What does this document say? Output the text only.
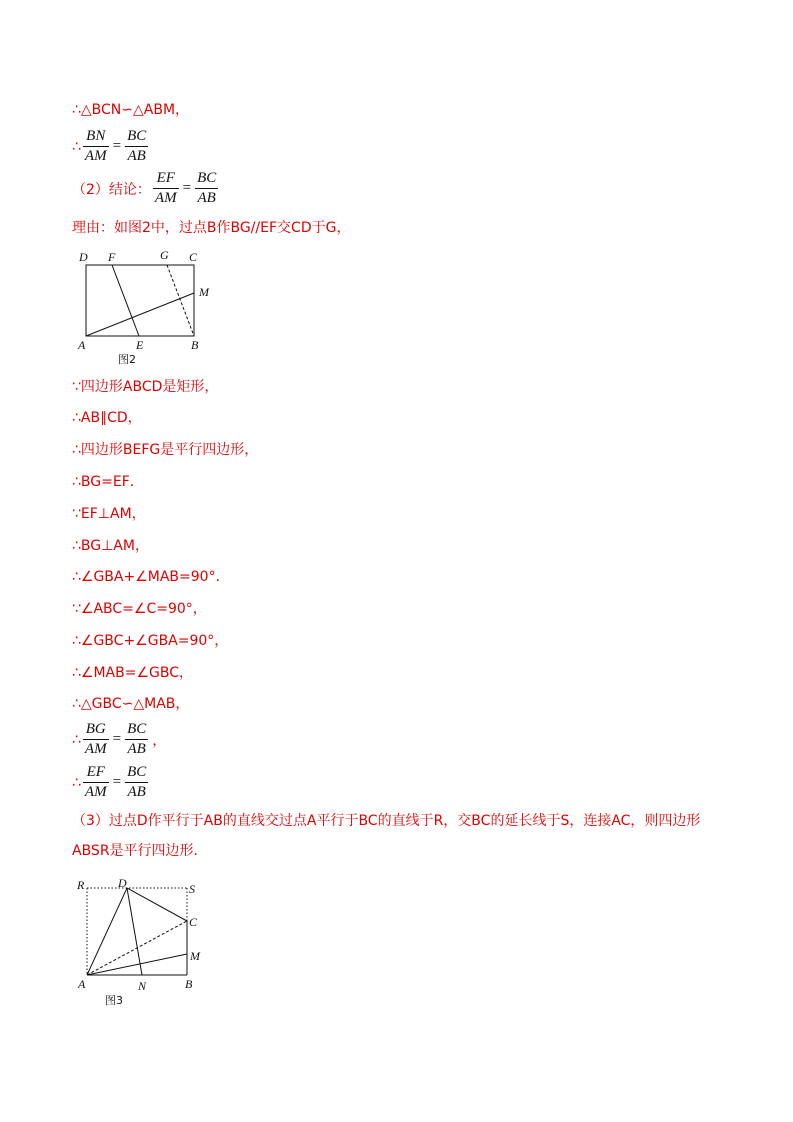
∴△BCN∽△ABM，
∴ $\frac{BN}{AM} = \frac{BC}{AB}$
（2）结论： $\frac{EF}{AM} = \frac{BC}{AB}$
理由：如图2中，过点B作BG//EF交CD于G，
D F	G C
M
A	E	B
图2
∵四边形ABCD是矩形，
∴AB∥CD，
∴四边形BEFG是平行四边形，
∴BG=EF．
∵EF⊥AM，
∴BG⊥AM，
∴∠GBA+∠MAB=90°．
∵∠ABC=∠C=90°，
∴∠GBC+∠GBA=90°，
∴∠MAB=∠GBC，
∴△GBC∽△MAB，
∴ $\frac{BG}{AM} = \frac{BC}{AB}$ ，
∴ $\frac{EF}{AM} = \frac{BC}{AB}$
（3）过点D作平行于AB的直线交过点A平行于BC的直线于R，交BC的延长线于S，连接AC，则四边形ABSR是平行四边形．
R	D	S
C
M
A	N	B
图3
